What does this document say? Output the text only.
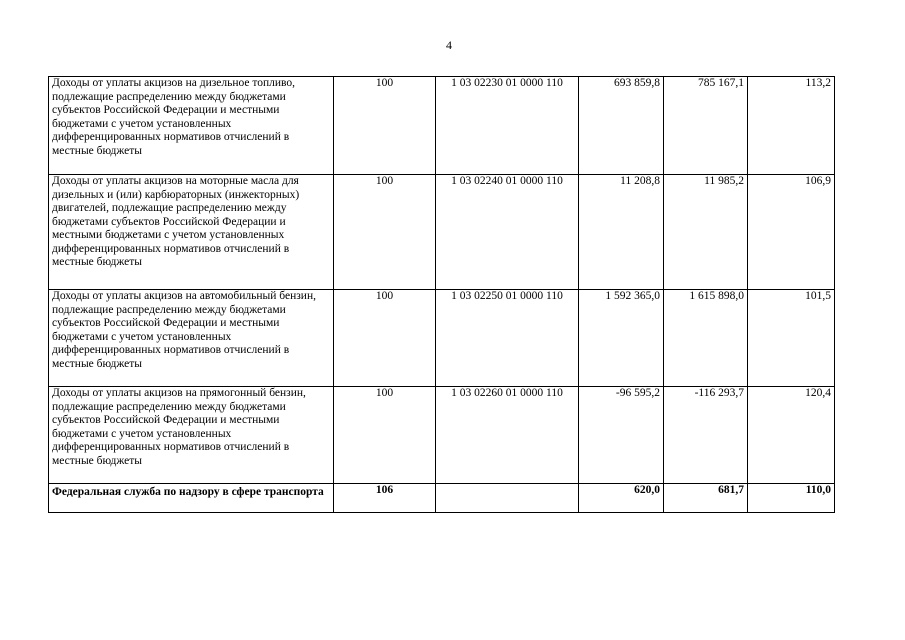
4
Доходы от уплаты акцизов на дизельное топливо, подлежащие распределению между бюджетами субъектов Российской Федерации и местными бюджетами с учетом установленных дифференцированных нормативов отчислений в местные бюджеты	100	1 03 02230 01 0000 110	693 859,8	785 167,1	113,2
Доходы от уплаты акцизов на моторные масла для дизельных и (или) карбюраторных (инжекторных) двигателей, подлежащие распределению между бюджетами субъектов Российской Федерации и местными бюджетами с учетом установленных дифференцированных нормативов отчислений в местные бюджеты	100	1 03 02240 01 0000 110	11 208,8	11 985,2	106,9
Доходы от уплаты акцизов на автомобильный бензин, подлежащие распределению между бюджетами субъектов Российской Федерации и местными бюджетами с учетом установленных дифференцированных нормативов отчислений в местные бюджеты	100	1 03 02250 01 0000 110	1 592 365,0	1 615 898,0	101,5
Доходы от уплаты акцизов на прямогонный бензин, подлежащие распределению между бюджетами субъектов Российской Федерации и местными бюджетами с учетом установленных дифференцированных нормативов отчислений в местные бюджеты	100	1 03 02260 01 0000 110	-96 595,2	-116 293,7	120,4
Федеральная служба по надзору в сфере транспорта	106		620,0	681,7	110,0
